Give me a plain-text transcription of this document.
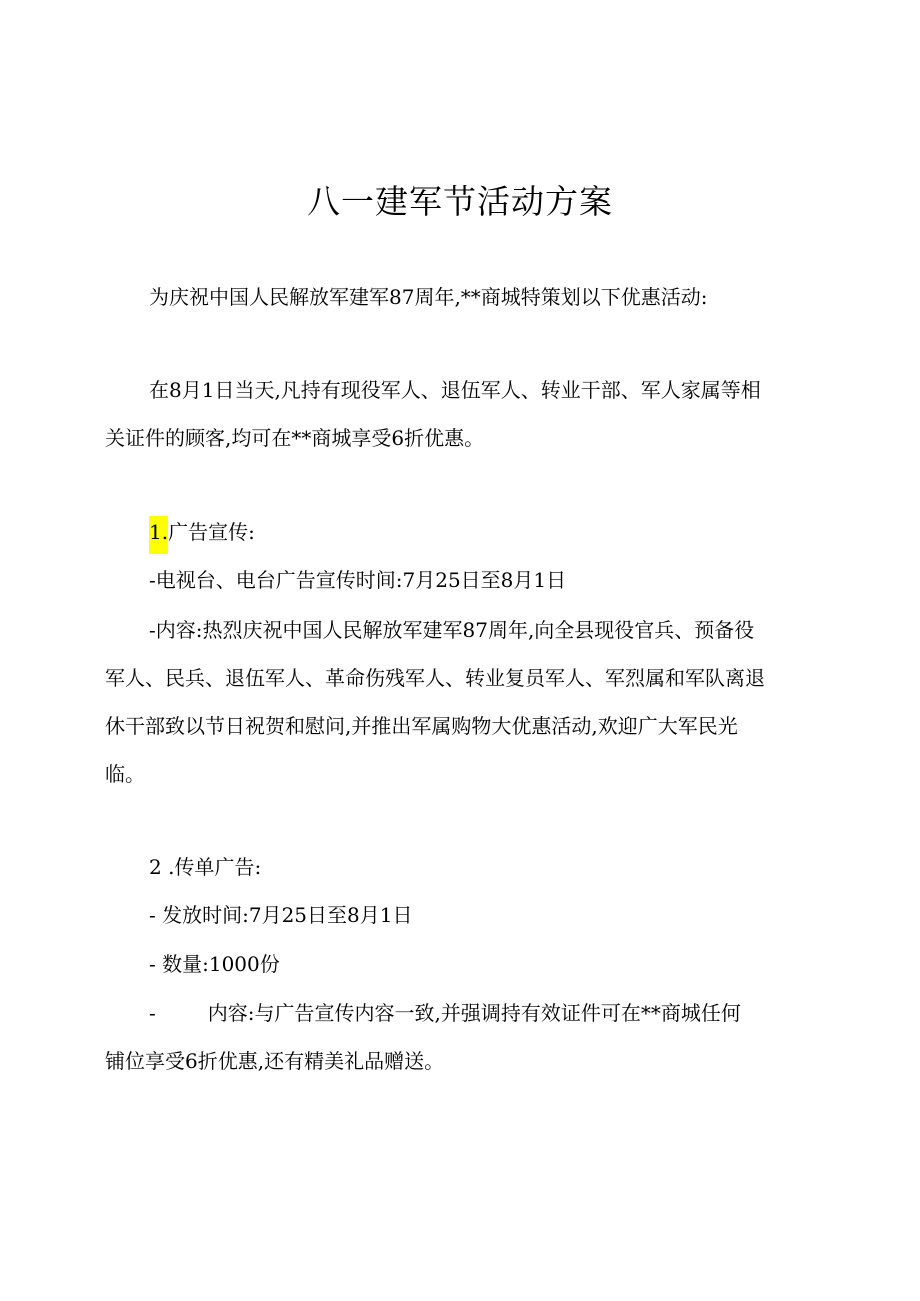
八一建军节活动方案
为庆祝中国人民解放军建军87周年,**商城特策划以下优惠活动:
在8月1日当天,凡持有现役军人、退伍军人、转业干部、军人家属等相
关证件的顾客,均可在**商城享受6折优惠。
1.广告宣传:
-电视台、电台广告宣传时间:7月25日至8月1日
-内容:热烈庆祝中国人民解放军建军87周年,向全县现役官兵、预备役
军人、民兵、退伍军人、革命伤残军人、转业复员军人、军烈属和军队离退
休干部致以节日祝贺和慰问,并推出军属购物大优惠活动,欢迎广大军民光
临。
2 .传单广告:
- 发放时间:7月25日至8月1日
- 数量:1000份
-	内容:与广告宣传内容一致,并强调持有效证件可在**商城任何
铺位享受6折优惠,还有精美礼品赠送。
